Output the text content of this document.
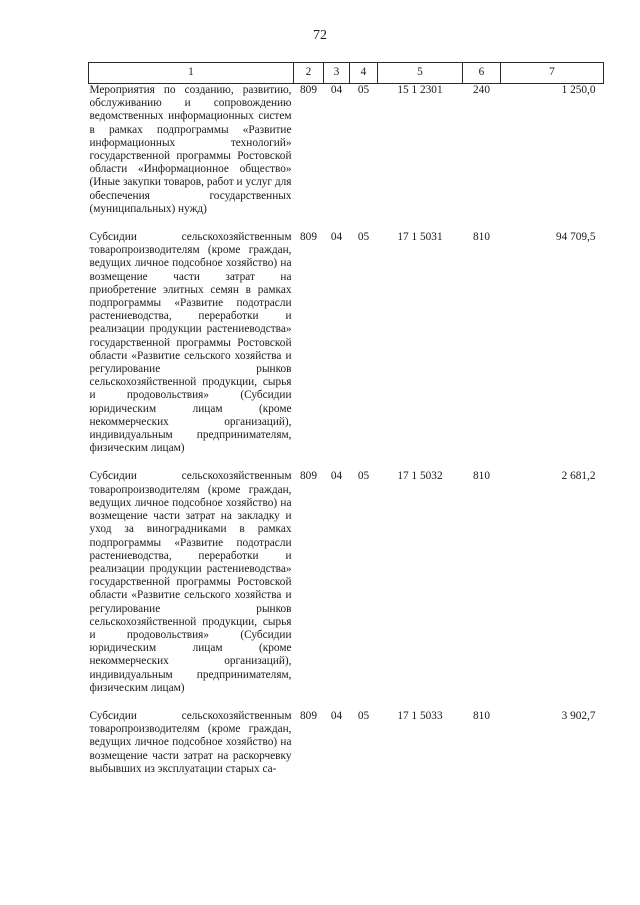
72
1	2	3	4	5	6	7
Мероприятия по созданию, развитию, обслуживанию и сопровождению ведомственных информационных систем в рамках подпрограммы «Развитие информационных технологий» государственной программы Ростовской области «Информационное общество» (Иные закупки товаров, работ и услуг для обеспечения государственных (муниципальных) нужд)	809	04	05	15 1 2301	240	1 250,0
Субсидии сельскохозяйственным товаропроизводителям (кроме граждан, ведущих личное подсобное хозяйство) на возмещение части затрат на приобретение элитных семян в рамках подпрограммы «Развитие подотрасли растениеводства, переработки и реализации продукции растениеводства» государственной программы Ростовской области «Развитие сельского хозяйства и регулирование рынков сельскохозяйственной продукции, сырья и продовольствия» (Субсидии юридическим лицам (кроме некоммерческих организаций), индивидуальным предпринимателям, физическим лицам)	809	04	05	17 1 5031	810	94 709,5
Субсидии сельскохозяйственным товаропроизводителям (кроме граждан, ведущих личное подсобное хозяйство) на возмещение части затрат на закладку и уход за виноградниками в рамках подпрограммы «Развитие подотрасли растениеводства, переработки и реализации продукции растениеводства» государственной программы Ростовской области «Развитие сельского хозяйства и регулирование рынков сельскохозяйственной продукции, сырья и продовольствия» (Субсидии юридическим лицам (кроме некоммерческих организаций), индивидуальным предпринимателям, физическим лицам)	809	04	05	17 1 5032	810	2 681,2
Субсидии сельскохозяйственным товаропроизводителям (кроме граждан, ведущих личное подсобное хозяйство) на возмещение части затрат на раскорчевку выбывших из эксплуатации старых са-	809	04	05	17 1 5033	810	3 902,7
